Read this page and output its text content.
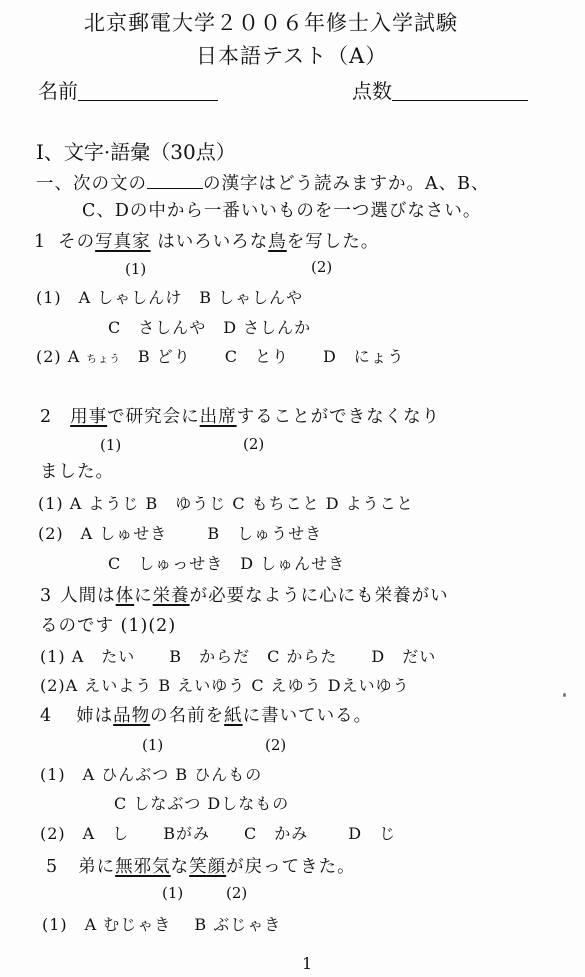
北京郵電大学２００６年修士入学試験
日本語テスト（A）
名前	点数
Ⅰ、文字·語彙（30点）
一、次の文の	の漢字はどう読みますか。A、B、
C、Dの中から一番いいものを一つ選びなさい。
1 その写真家 はいろいろな鳥を写した。
(1)	(2)
(1)　A しゃしんけ　B しゃしんや
C　さしんや　D さしんか
(2) A ちょう　B どり　　C　とり　　D　にょう
2 用事で研究会に出席することができなくなり
(1)	(2)
ました。
(1) A ようじ B　ゆうじ C もちこと D ようこと
(2)　A しゅせき　　 B　しゅうせき
C　しゅっせき　D しゅんせき
3 人間は体に栄養が必要なように心にも栄養がい
るのです (1)(2)
(1) A　たい　　B　からだ　C からた　　D　だい
(2)A えいよう B えいゆう C えゆう Dえいゆう
4 姉は品物の名前を紙に書いている。
(1)	(2)
(1)　A ひんぶつ B ひんもの
C しなぶつ Dしなもの
(2)　A　し　　Bがみ　　C　かみ　　 D　じ
5 弟に無邪気な笑顔が戻ってきた。
(1)	(2)
(1)　A むじゃき　 B ぶじゃき
1
